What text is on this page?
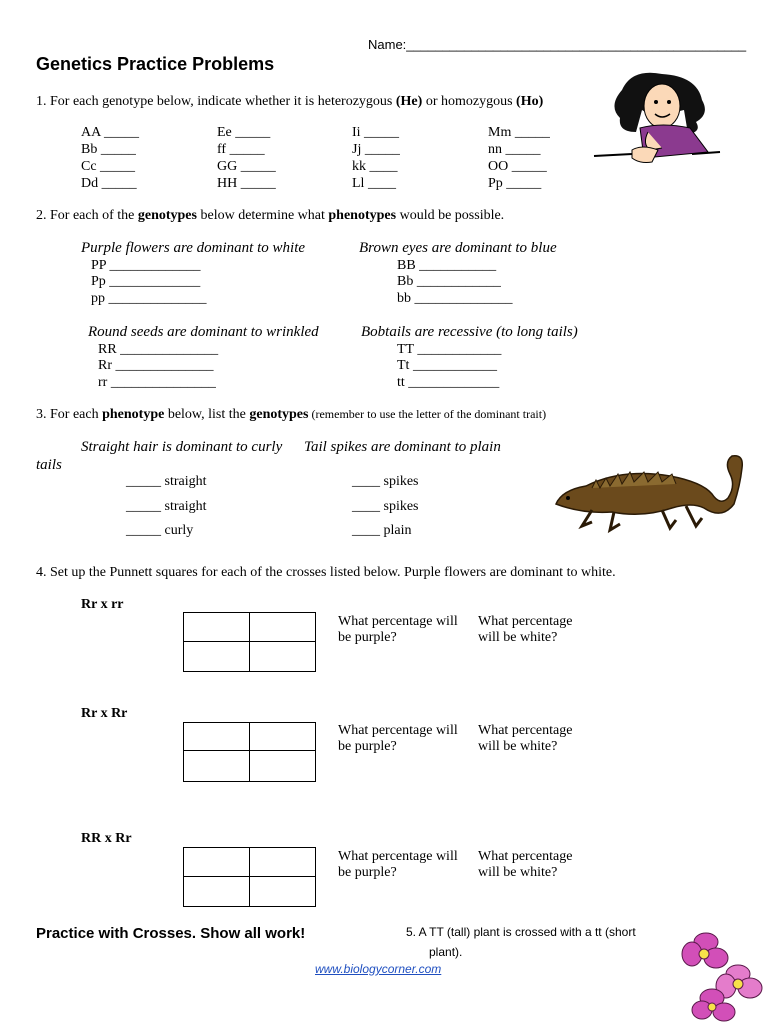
Name:_______________________________________________
Genetics Practice Problems
1. For each genotype below, indicate whether it is heterozygous (He) or homozygous (Ho)
AA _____
Bb _____
Cc _____
Dd _____
Ee _____
ff _____
GG _____
HH _____
Ii _____
Jj _____
kk ____
Ll ____
Mm _____
nn _____
OO _____
Pp _____
2. For each of the genotypes below determine what phenotypes would be possible.
Purple flowers are dominant to white
PP _____________
Pp _____________
pp ______________
Brown eyes are dominant to blue
BB ___________
Bb ____________
bb ______________
Round seeds are dominant to wrinkled
RR ______________
Rr ______________
rr _______________
Bobtails are recessive (to long tails)
TT ____________
Tt ____________
tt _____________
3. For each phenotype below, list the genotypes (remember to use the letter of the dominant trait)
Straight hair is dominant to curly Tail spikes are dominant to plain
tails
_____ straight
_____ straight
_____ curly
____ spikes
____ spikes
____ plain
4. Set up the Punnett squares for each of the crosses listed below. Purple flowers are dominant to white.
Rr x rr
What percentage will
be purple?
What percentage
will be white?
Rr x Rr
What percentage will
be purple?
What percentage
will be white?
RR x Rr
What percentage will
be purple?
What percentage
will be white?
Practice with Crosses. Show all work!	5. A TT (tall) plant is crossed with a tt (short
plant).
www.biologycorner.com
